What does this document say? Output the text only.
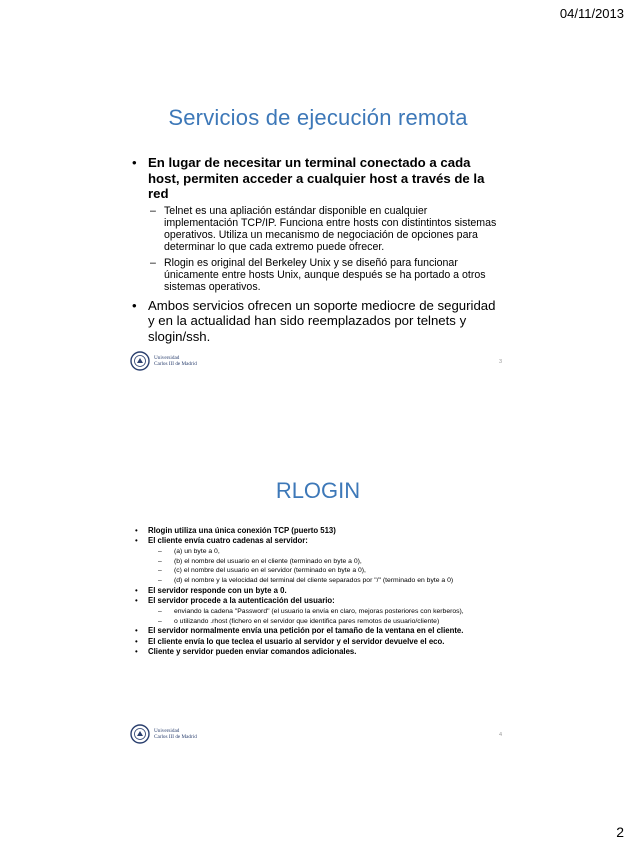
04/11/2013
Servicios de ejecución remota
• En lugar de necesitar un terminal conectado a cada host, permiten acceder a cualquier host a través de la red
– Telnet es una apliación estándar disponible en cualquier implementación TCP/IP. Funciona entre hosts con distintintos sistemas operativos. Utiliza un mecanismo de negociación de opciones para determinar lo que cada extremo puede ofrecer.
– Rlogin es original del Berkeley Unix y se diseñó para funcionar únicamente entre hosts Unix, aunque después se ha portado a otros sistemas operativos.
• Ambos servicios ofrecen un soporte mediocre de seguridad y en la actualidad han sido reemplazados por telnets y slogin/ssh.
Universidad
Carlos III de Madrid	3
RLOGIN
• Rlogin utiliza una única conexión TCP (puerto 513)
• El cliente envía cuatro cadenas al servidor:
– (a) un byte a 0,
– (b) el nombre del usuario en el cliente (terminado en byte a 0),
– (c) el nombre del usuario en el servidor (terminado en byte a 0),
– (d) el nombre y la velocidad del terminal del cliente separados por "/" (terminado en byte a 0)
• El servidor responde con un byte a 0.
• El servidor procede a la autenticación del usuario:
– enviando la cadena "Password" (el usuario la envía en claro, mejoras posteriores con kerberos),
– o utilizando .rhost (fichero en el servidor que identifica pares remotos de usuario/cliente)
• El servidor normalmente envía una petición por el tamaño de la ventana en el cliente.
• El cliente envía lo que teclea el usuario al servidor y el servidor devuelve el eco.
• Cliente y servidor pueden enviar comandos adicionales.
Universidad
Carlos III de Madrid	4
2
